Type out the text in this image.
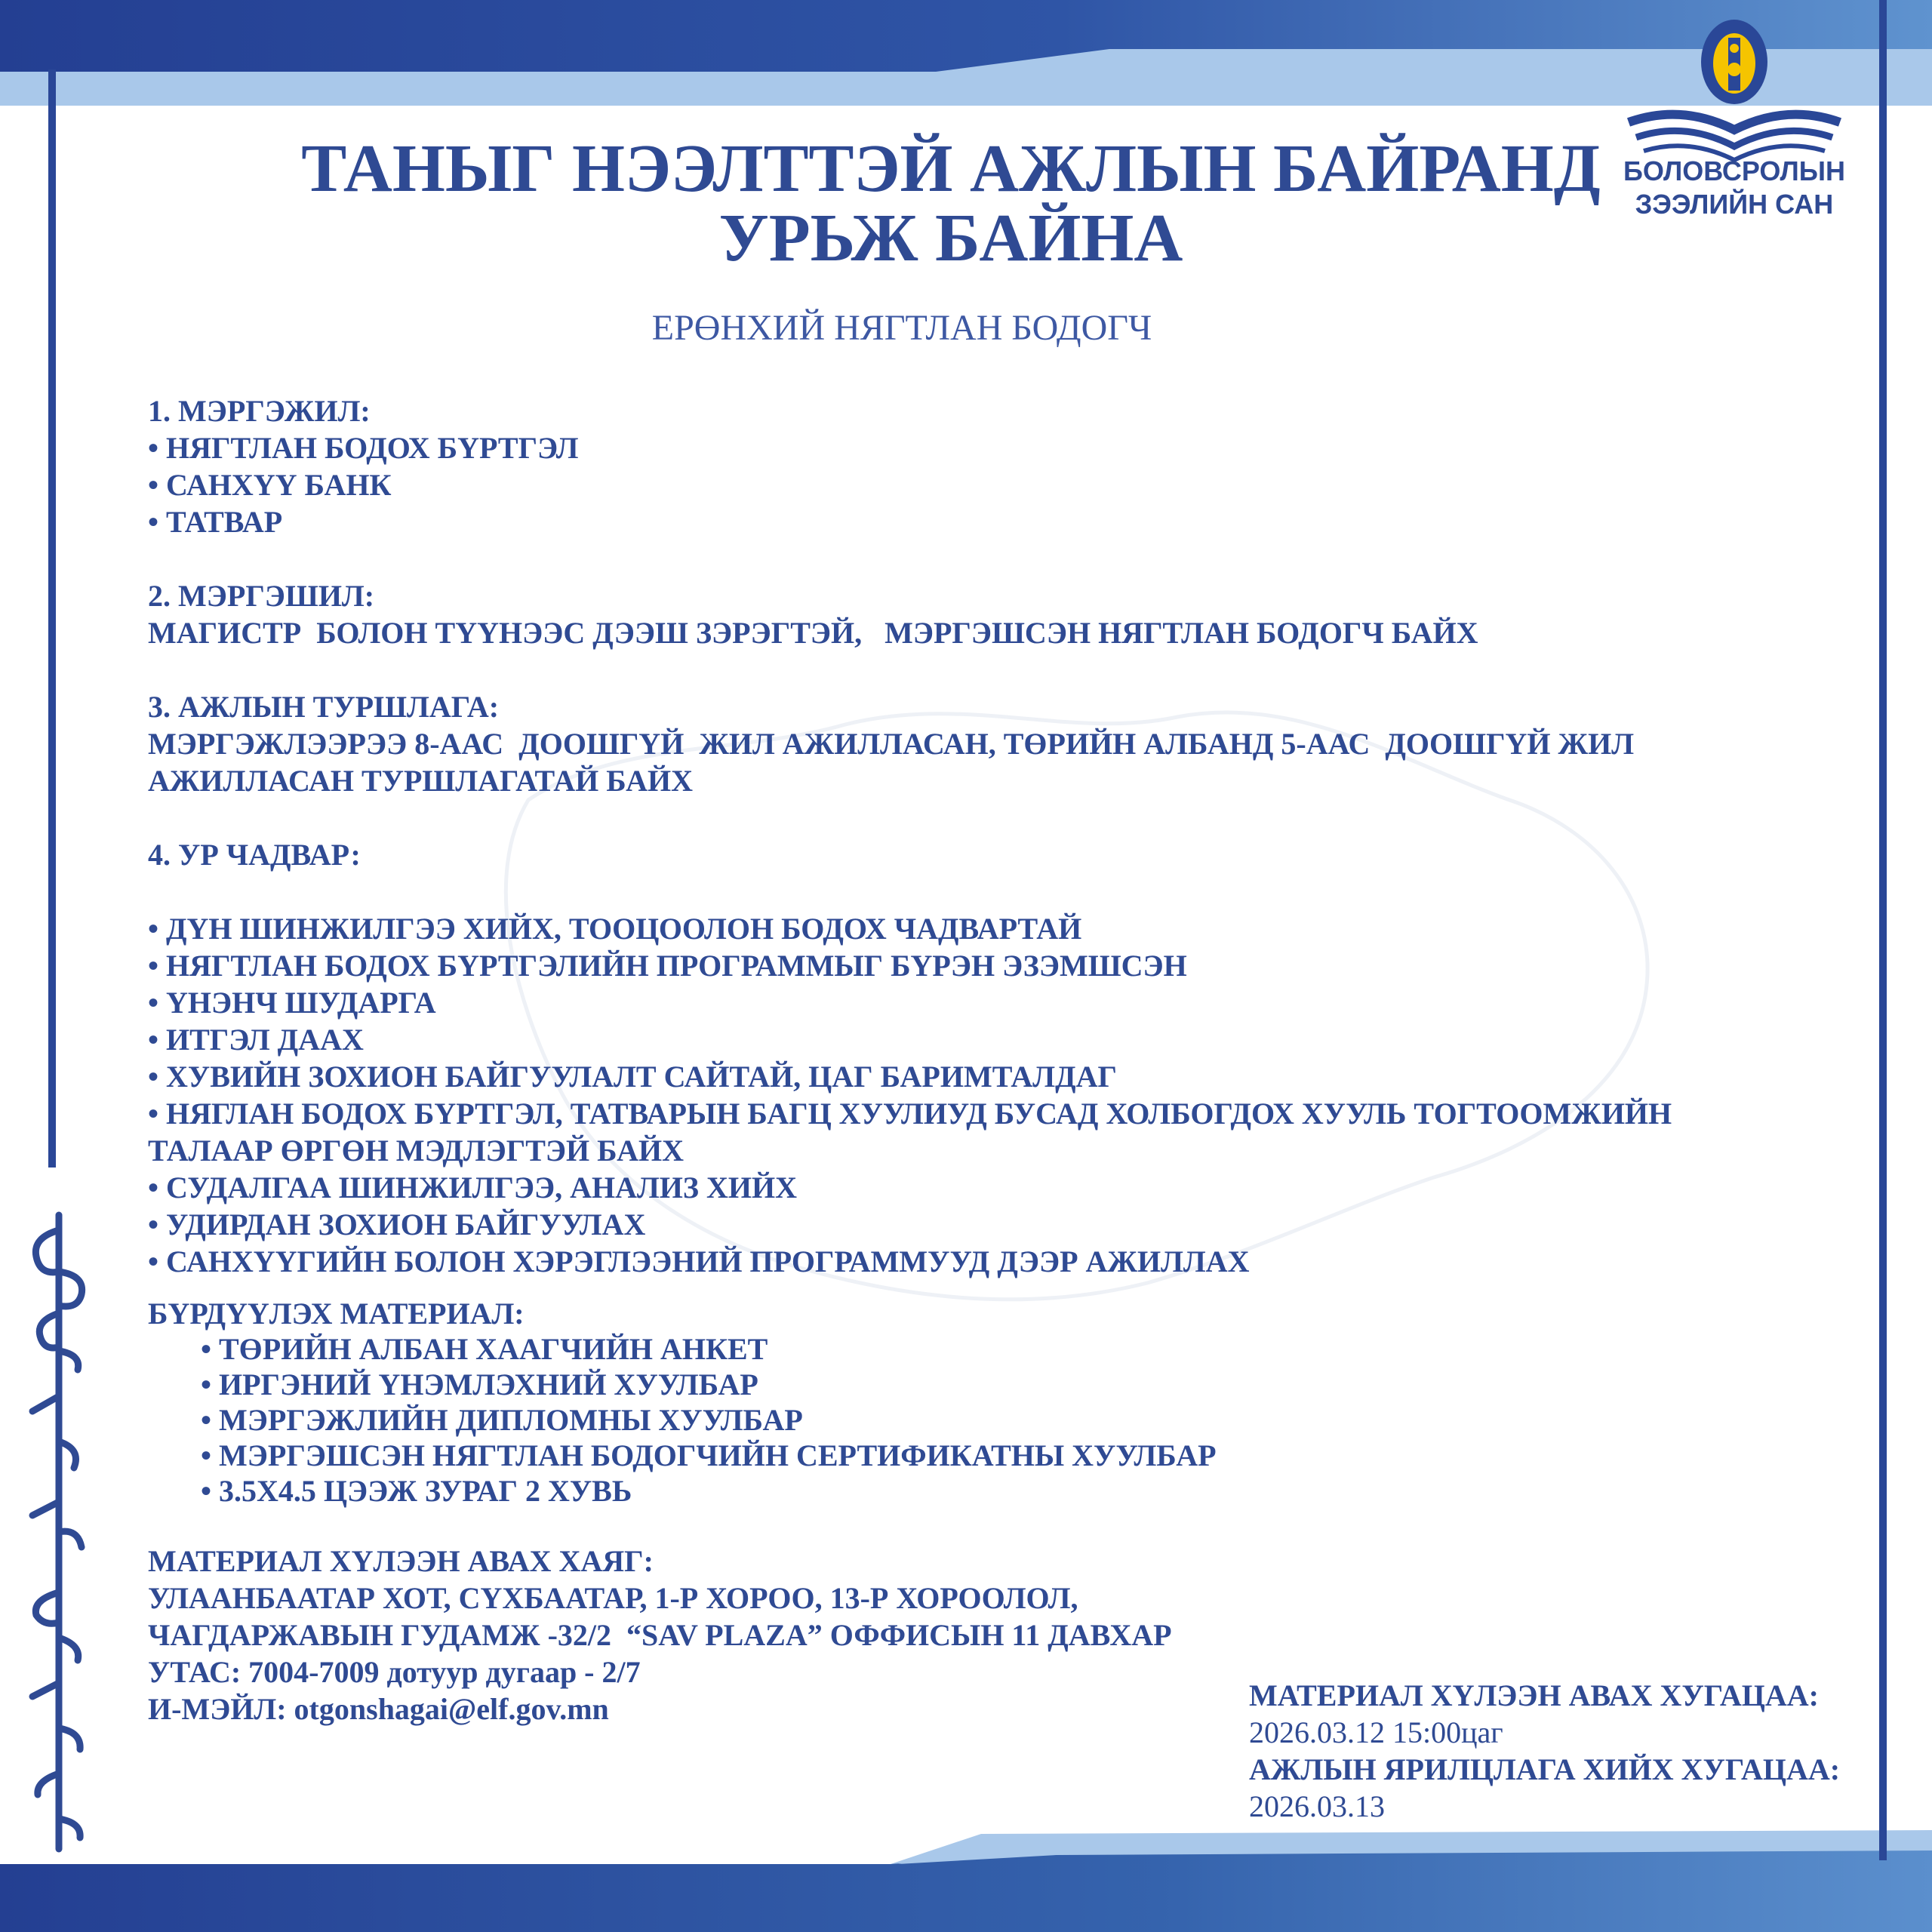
БОЛОВСРОЛЫН
ЗЭЭЛИЙН САН
ТАНЫГ НЭЭЛТТЭЙ АЖЛЫН БАЙРАНД
УРЬЖ БАЙНА
ЕРӨНХИЙ НЯГТЛАН БОДОГЧ
1. МЭРГЭЖИЛ:
• НЯГТЛАН БОДОХ БҮРТГЭЛ
• САНХҮҮ БАНК
• ТАТВАР
2. МЭРГЭШИЛ:
МАГИСТР  БОЛОН ТҮҮНЭЭС ДЭЭШ ЗЭРЭГТЭЙ,   МЭРГЭШСЭН НЯГТЛАН БОДОГЧ БАЙХ
3. АЖЛЫН ТУРШЛАГА:
МЭРГЭЖЛЭЭРЭЭ 8-ААС  ДООШГҮЙ  ЖИЛ АЖИЛЛАСАН, ТӨРИЙН АЛБАНД 5-ААС  ДООШГҮЙ ЖИЛ
АЖИЛЛАСАН ТУРШЛАГАТАЙ БАЙХ
4. УР ЧАДВАР:
• ДҮН ШИНЖИЛГЭЭ ХИЙХ, ТООЦООЛОН БОДОХ ЧАДВАРТАЙ
• НЯГТЛАН БОДОХ БҮРТГЭЛИЙН ПРОГРАММЫГ БҮРЭН ЭЗЭМШСЭН
• ҮНЭНЧ ШУДАРГА
• ИТГЭЛ ДААХ
• ХУВИЙН ЗОХИОН БАЙГУУЛАЛТ САЙТАЙ, ЦАГ БАРИМТАЛДАГ
• НЯГЛАН БОДОХ БҮРТГЭЛ, ТАТВАРЫН БАГЦ ХУУЛИУД БУСАД ХОЛБОГДОХ ХУУЛЬ ТОГТООМЖИЙН
ТАЛААР ӨРГӨН МЭДЛЭГТЭЙ БАЙХ
• СУДАЛГАА ШИНЖИЛГЭЭ, АНАЛИЗ ХИЙХ
• УДИРДАН ЗОХИОН БАЙГУУЛАХ
• САНХҮҮГИЙН БОЛОН ХЭРЭГЛЭЭНИЙ ПРОГРАММУУД ДЭЭР АЖИЛЛАХ
БҮРДҮҮЛЭХ МАТЕРИАЛ:
• ТӨРИЙН АЛБАН ХААГЧИЙН АНКЕТ
• ИРГЭНИЙ ҮНЭМЛЭХНИЙ ХУУЛБАР
• МЭРГЭЖЛИЙН ДИПЛОМНЫ ХУУЛБАР
• МЭРГЭШСЭН НЯГТЛАН БОДОГЧИЙН СЕРТИФИКАТНЫ ХУУЛБАР
• 3.5X4.5 ЦЭЭЖ ЗУРАГ 2 ХУВЬ
МАТЕРИАЛ ХҮЛЭЭН АВАХ ХАЯГ:
УЛААНБААТАР ХОТ, СҮХБААТАР, 1-Р ХОРОО, 13-Р ХОРООЛОЛ,
ЧАГДАРЖАВЫН ГУДАМЖ -32/2  “SAV PLAZA” ОФФИСЫН 11 ДАВХАР
УТАС: 7004-7009 дотуур дугаар - 2/7
И-МЭЙЛ: otgonshagai@elf.gov.mn	МАТЕРИАЛ ХҮЛЭЭН АВАХ ХУГАЦАА:
2026.03.12 15:00цаг
АЖЛЫН ЯРИЛЦЛАГА ХИЙХ ХУГАЦАА:
2026.03.13
